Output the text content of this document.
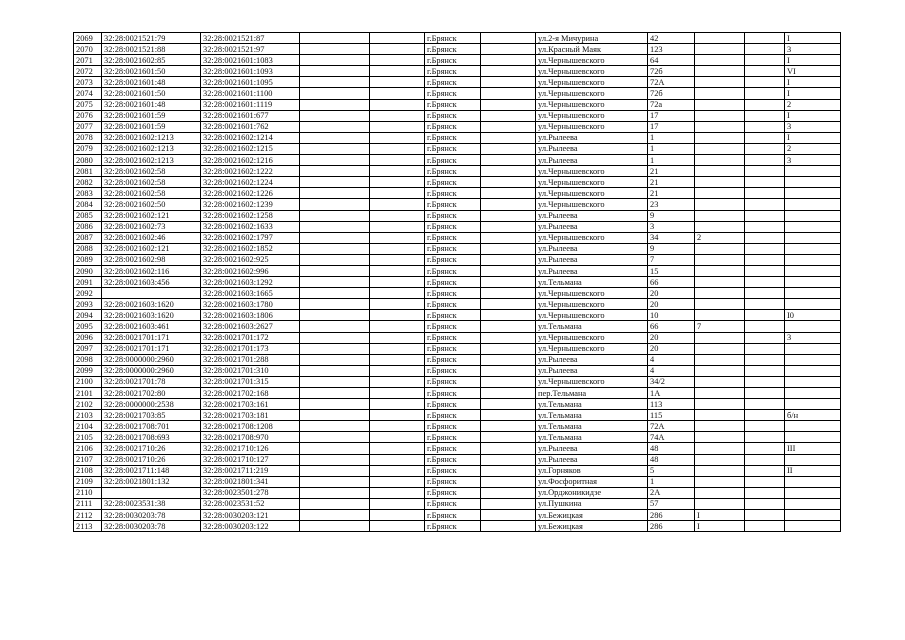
2069	32:28:0021521:79	32:28:0021521:87			г.Брянск		ул.2-я Мичурина	42			I
2070	32:28:0021521:88	32:28:0021521:97			г.Брянск		ул.Красный Маяк	123			3
2071	32:28:0021602:85	32:28:0021601:1083			г.Брянск		ул.Чернышевского	64			I
2072	32:28:0021601:50	32:28:0021601:1093			г.Брянск		ул.Чернышевского	72б			VI
2073	32:28:0021601:48	32:28:0021601:1095			г.Брянск		ул.Чернышевского	72А			I
2074	32:28:0021601:50	32:28:0021601:1100			г.Брянск		ул.Чернышевского	72б			I
2075	32:28:0021601:48	32:28:0021601:1119			г.Брянск		ул.Чернышевского	72а			2
2076	32:28:0021601:59	32:28:0021601:677			г.Брянск		ул.Чернышевского	17			I
2077	32:28:0021601:59	32:28:0021601:762			г.Брянск		ул.Чернышевского	17			3
2078	32:28:0021602:1213	32:28:0021602:1214			г.Брянск		ул.Рылеева	1			I
2079	32:28:0021602:1213	32:28:0021602:1215			г.Брянск		ул.Рылеева	1			2
2080	32:28:0021602:1213	32:28:0021602:1216			г.Брянск		ул.Рылеева	1			3
2081	32:28:0021602:58	32:28:0021602:1222			г.Брянск		ул.Чернышевского	21			
2082	32:28:0021602:58	32:28:0021602:1224			г.Брянск		ул.Чернышевского	21			
2083	32:28:0021602:58	32:28:0021602:1226			г.Брянск		ул.Чернышевского	21			
2084	32:28:0021602:50	32:28:0021602:1239			г.Брянск		ул.Чернышевского	23			
2085	32:28:0021602:121	32:28:0021602:1258			г.Брянск		ул.Рылеева	9			
2086	32:28:0021602:73	32:28:0021602:1633			г.Брянск		ул.Рылеева	3			
2087	32:28:0021602:46	32:28:0021602:1797			г.Брянск		ул.Чернышевского	34	2		
2088	32:28:0021602:121	32:28:0021602:1852			г.Брянск		ул.Рылеева	9			
2089	32:28:0021602:98	32:28:0021602:925			г.Брянск		ул.Рылеева	7			
2090	32:28:0021602:116	32:28:0021602:996			г.Брянск		ул.Рылеева	15			
2091	32:28:0021603:456	32:28:0021603:1292			г.Брянск		ул.Тельмана	66			
2092		32:28:0021603:1665			г.Брянск		ул.Чернышевского	20			
2093	32:28:0021603:1620	32:28:0021603:1780			г.Брянск		ул.Чернышевского	20			
2094	32:28:0021603:1620	32:28:0021603:1806			г.Брянск		ул.Чернышевского	10			I0
2095	32:28:0021603:461	32:28:0021603:2627			г.Брянск		ул.Тельмана	66	7		
2096	32:28:0021701:171	32:28:0021701:172			г.Брянск		ул.Чернышевского	20			3
2097	32:28:0021701:171	32:28:0021701:173			г.Брянск		ул.Чернышевского	20			
2098	32:28:0000000:2960	32:28:0021701:288			г.Брянск		ул.Рылеева	4			
2099	32:28:0000000:2960	32:28:0021701:310			г.Брянск		ул.Рылеева	4			
2100	32:28:0021701:78	32:28:0021701:315			г.Брянск		ул.Чернышевского	34/2			
2101	32:28:0021702:80	32:28:0021702:168			г.Брянск		пер.Тельмана	1А			
2102	32:28:0000000:2538	32:28:0021703:161			г.Брянск		ул.Тельмана	113			
2103	32:28:0021703:85	32:28:0021703:181			г.Брянск		ул.Тельмана	115			б/н
2104	32:28:0021708:701	32:28:0021708:1208			г.Брянск		ул.Тельмана	72А			
2105	32:28:0021708:693	32:28:0021708:970			г.Брянск		ул.Тельмана	74А			
2106	32:28:0021710:26	32:28:0021710:126			г.Брянск		ул.Рылеева	48			III
2107	32:28:0021710:26	32:28:0021710:127			г.Брянск		ул.Рылеева	48			
2108	32:28:0021711:148	32:28:0021711:219			г.Брянск		ул.Горняков	5			II
2109	32:28:0021801:132	32:28:0021801:341			г.Брянск		ул.Фосфоритная	1			
2110		32:28:0023501:278			г.Брянск		ул.Орджоникидзе	2А			
2111	32:28:0023531:38	32:28:0023531:52			г.Брянск		ул.Пушкина	57			
2112	32:28:0030203:78	32:28:0030203:121			г.Брянск		ул.Бежицкая	286	I		
2113	32:28:0030203:78	32:28:0030203:122			г.Брянск		ул.Бежицкая	286	I		
